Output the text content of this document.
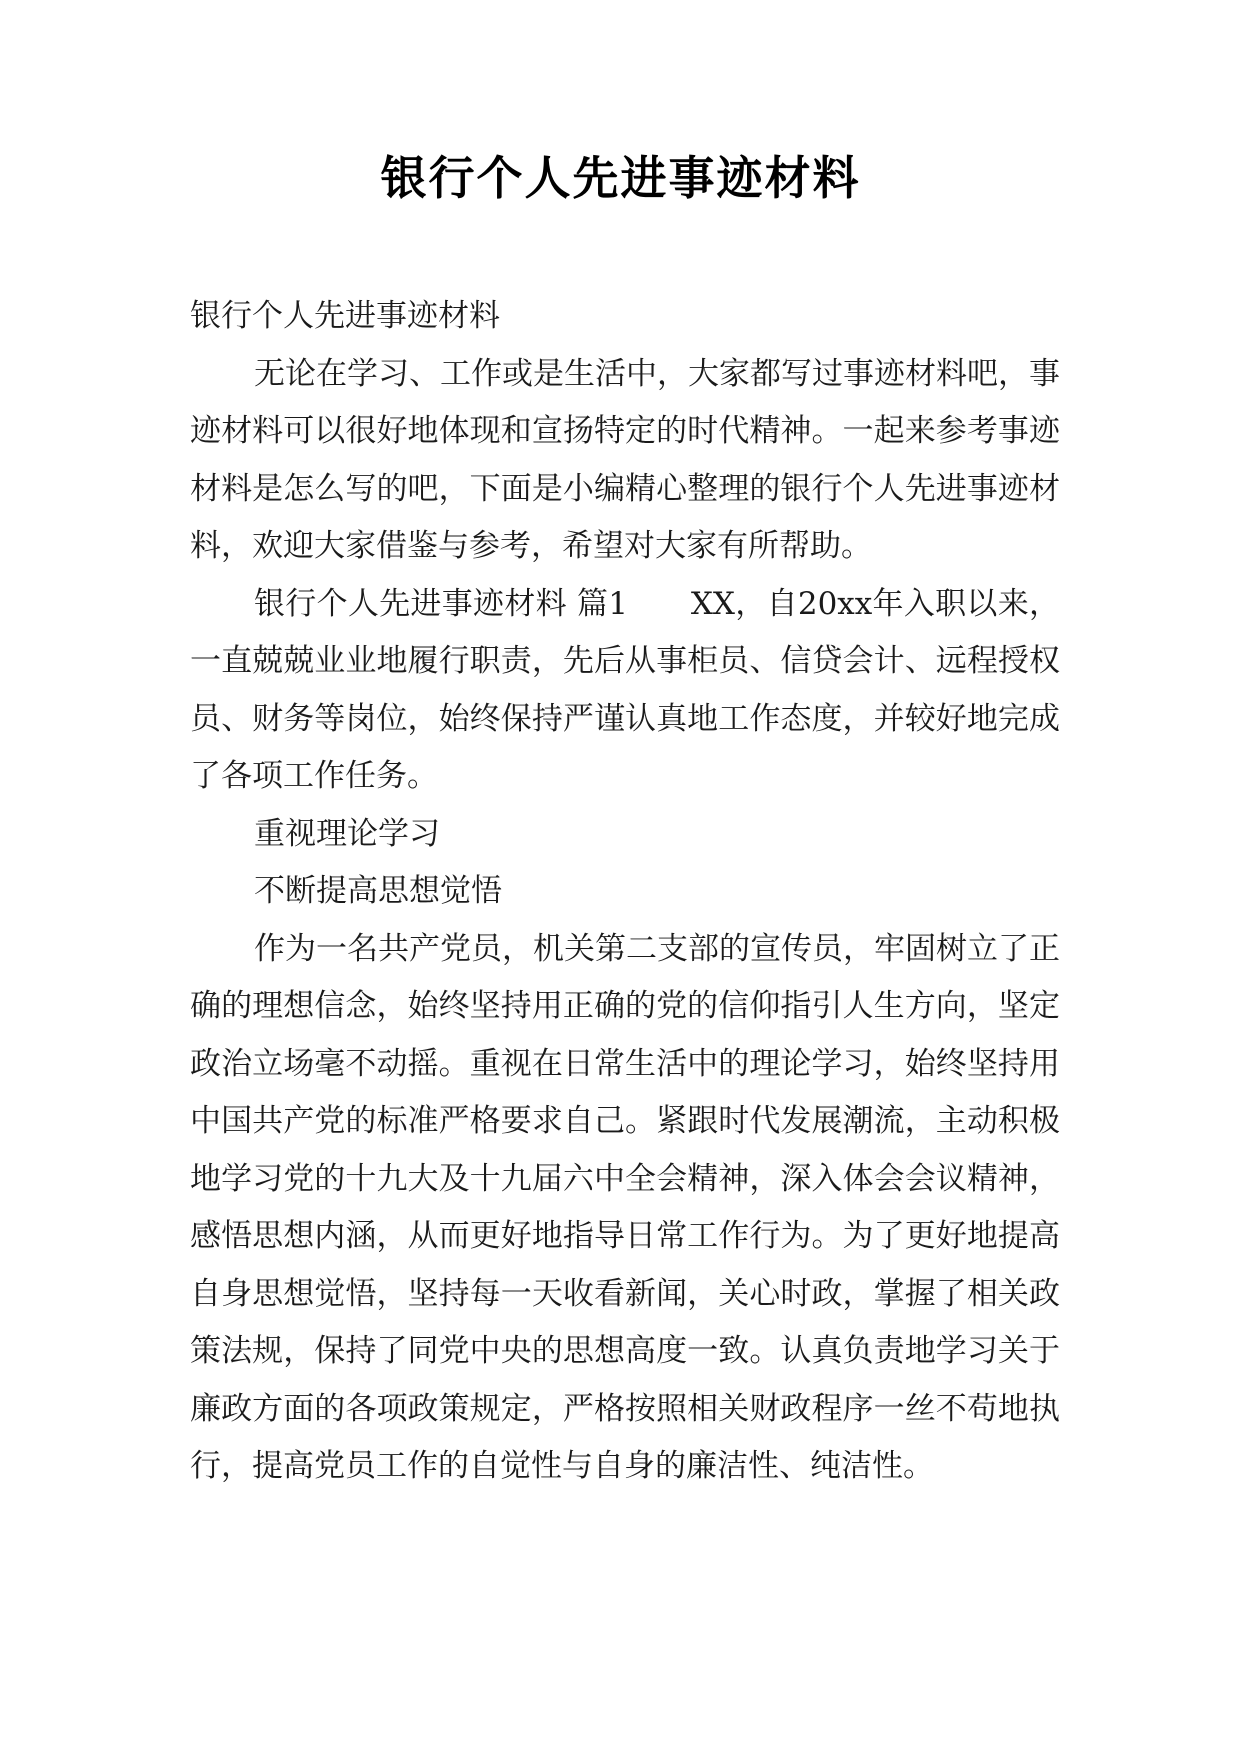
银行个人先进事迹材料

银行个人先进事迹材料

无论在学习、工作或是生活中，大家都写过事迹材料吧，事迹材料可以很好地体现和宣扬特定的时代精神。一起来参考事迹材料是怎么写的吧，下面是小编精心整理的银行个人先进事迹材料，欢迎大家借鉴与参考，希望对大家有所帮助。

银行个人先进事迹材料 篇1　　XX，自20xx年入职以来，一直兢兢业业地履行职责，先后从事柜员、信贷会计、远程授权员、财务等岗位，始终保持严谨认真地工作态度，并较好地完成了各项工作任务。

重视理论学习

不断提高思想觉悟

作为一名共产党员，机关第二支部的宣传员，牢固树立了正确的理想信念，始终坚持用正确的党的信仰指引人生方向，坚定政治立场毫不动摇。重视在日常生活中的理论学习，始终坚持用中国共产党的标准严格要求自己。紧跟时代发展潮流，主动积极地学习党的十九大及十九届六中全会精神，深入体会会议精神，感悟思想内涵，从而更好地指导日常工作行为。为了更好地提高自身思想觉悟，坚持每一天收看新闻，关心时政，掌握了相关政策法规，保持了同党中央的思想高度一致。认真负责地学习关于廉政方面的各项政策规定，严格按照相关财政程序一丝不苟地执行，提高党员工作的自觉性与自身的廉洁性、纯洁性。
